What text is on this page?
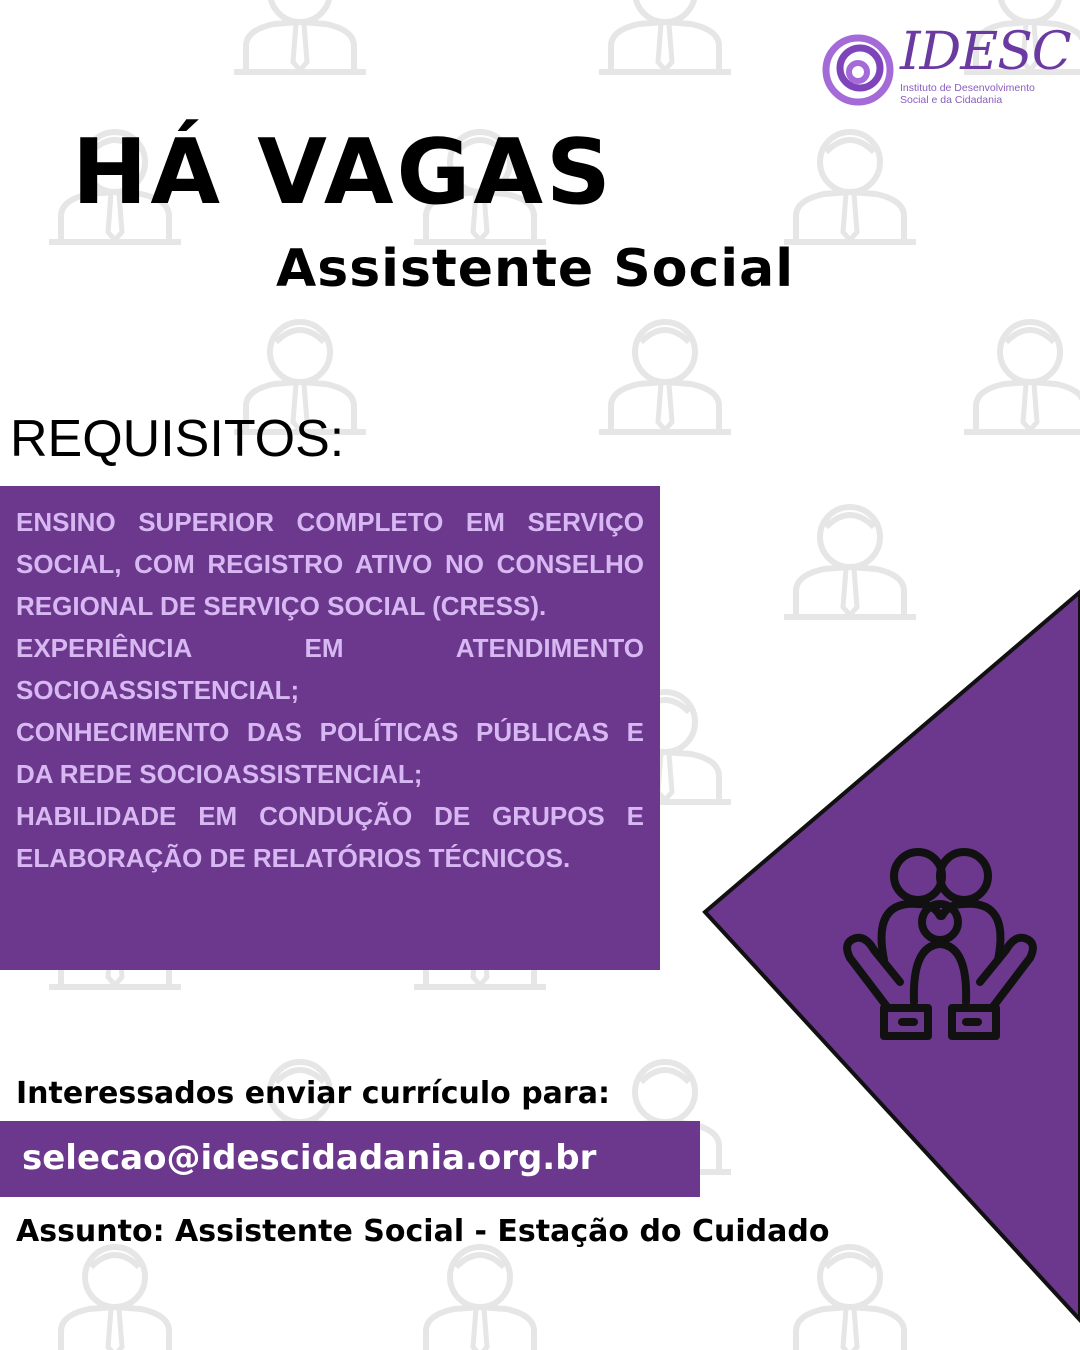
IDESC
Instituto de Desenvolvimento
Social e da Cidadania
HÁ VAGAS
Assistente Social
REQUISITOS:
ENSINO SUPERIOR COMPLETO EM SERVIÇO SOCIAL, COM REGISTRO ATIVO NO CONSELHO REGIONAL DE SERVIÇO SOCIAL (CRESS).
EXPERIÊNCIA EM ATENDIMENTO SOCIOASSISTENCIAL;
CONHECIMENTO DAS POLÍTICAS PÚBLICAS E DA REDE SOCIOASSISTENCIAL;
HABILIDADE EM CONDUÇÃO DE GRUPOS E ELABORAÇÃO DE RELATÓRIOS TÉCNICOS.
Interessados enviar currículo para:
selecao@idescidadania.org.br
Assunto: Assistente Social - Estação do Cuidado
